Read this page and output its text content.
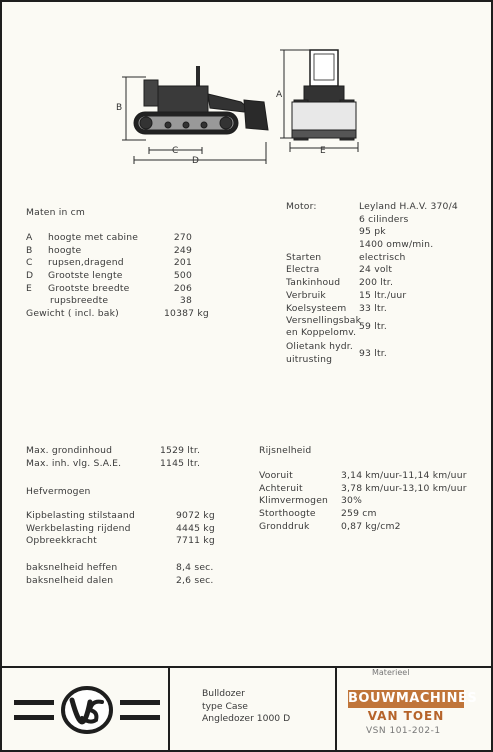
B
C
D
A
E
Maten in cm
A
B
C
D
E
hoogte met cabine
hoogte
rupsen,dragend
Grootste lengte
Grootste breedte
rupsbreedte
270
249
201
500
206
38
Gewicht ( incl. bak)	10387 kg
Motor:
Starten
Electra
Tankinhoud
Verbruik
Koelsysteem
Leyland H.A.V. 370/4
6 cilinders
95 pk
1400 omw/min.
electrisch
24 volt
200 ltr.
15 ltr./uur
33 ltr.
Versnellingsbak
en Koppelomv.
59 ltr.
Olietank hydr.
uitrusting
93 ltr.
Max. grondinhoud
Max. inh. vlg. S.A.E.
1529 ltr.
1145 ltr.
Hefvermogen
Kipbelasting stilstaand
Werkbelasting rijdend
Opbreekkracht
9072 kg
4445 kg
7711 kg
baksnelheid heffen
baksnelheid dalen
8,4 sec.
2,6 sec.
Rijsnelheid
Vooruit
Achteruit
Klimvermogen
Storthoogte
Gronddruk
3,14 km/uur-11,14 km/uur
3,78 km/uur-13,10 km/uur
30%
259 cm
0,87 kg/cm2
Bulldozer
type Case
Angledozer 1000 D
Materieel
BOUWMACHINES
VAN TOEN
VSN 101-202-1
